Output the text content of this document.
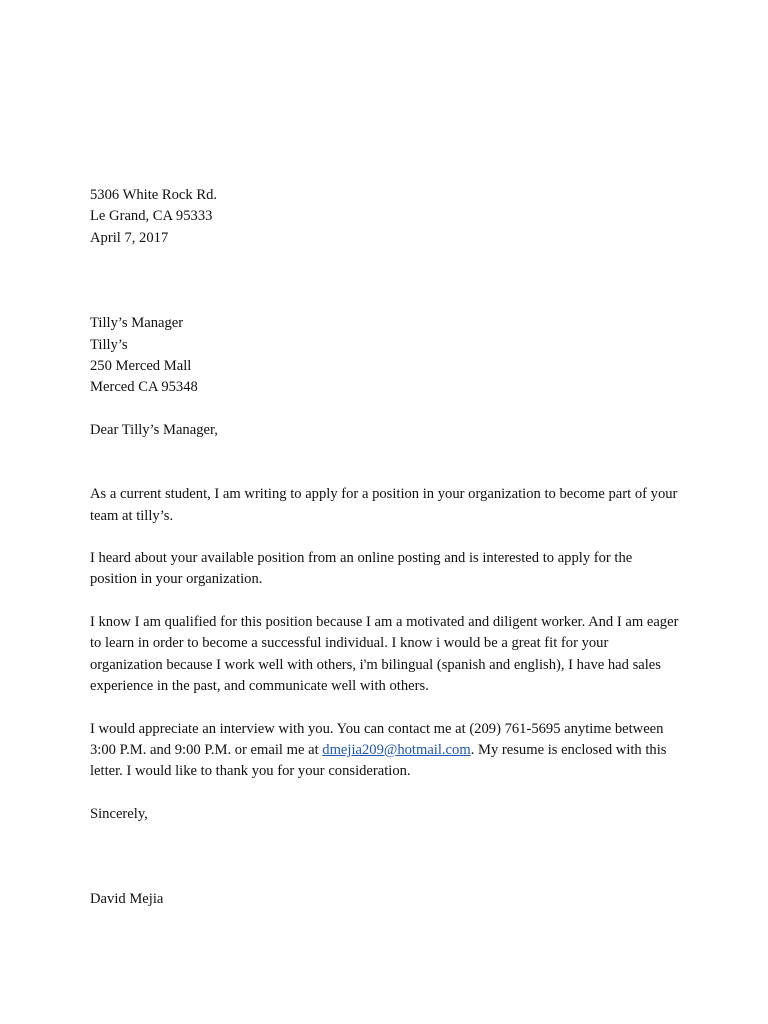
5306 White Rock Rd.

Le Grand, CA 95333

April 7, 2017

Tilly’s Manager

Tilly’s

250 Merced Mall

Merced CA 95348

Dear Tilly’s Manager,

As a current student, I am writing to apply for a position in your organization to become part of your team at tilly’s.

I heard about your available position from an online posting and is interested to apply for the position in your organization.

I know I am qualified for this position because I am a motivated and diligent worker. And I am eager to learn in order to become a successful individual. I know i would be a great fit for your organization because I work well with others, i'm bilingual (spanish and english), I have had sales experience in the past, and communicate well with others.

I would appreciate an interview with you. You can contact me at (209) 761-5695 anytime between 3:00 P.M. and 9:00 P.M. or email me at dmejia209@hotmail.com. My resume is enclosed with this letter. I would like to thank you for your consideration.

Sincerely,

David Mejia
